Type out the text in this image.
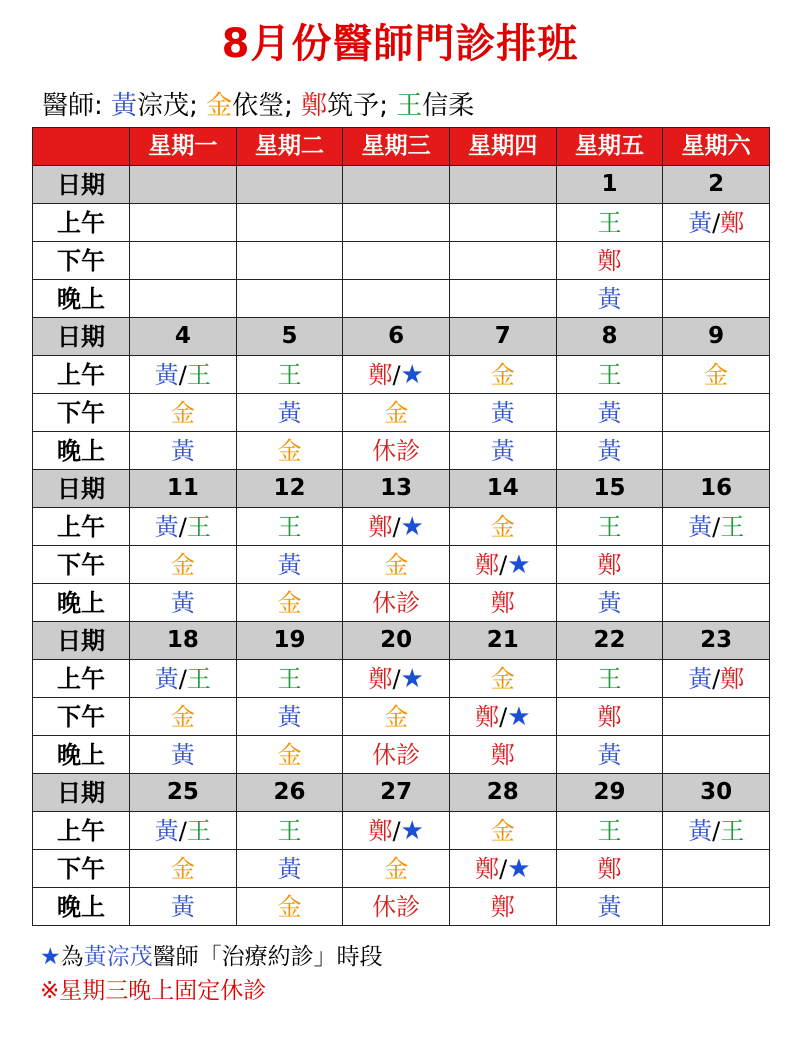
8月份醫師門診排班
醫師: 黃淙茂; 金依瑩; 鄭筑予; 王信柔
	星期一	星期二	星期三	星期四	星期五	星期六
日期					1	2
上午					王	黃/鄭
下午					鄭	
晚上					黃	
日期	4	5	6	7	8	9
上午	黃/王	王	鄭/★	金	王	金
下午	金	黃	金	黃	黃	
晚上	黃	金	休診	黃	黃	
日期	11	12	13	14	15	16
上午	黃/王	王	鄭/★	金	王	黃/王
下午	金	黃	金	鄭/★	鄭	
晚上	黃	金	休診	鄭	黃	
日期	18	19	20	21	22	23
上午	黃/王	王	鄭/★	金	王	黃/鄭
下午	金	黃	金	鄭/★	鄭	
晚上	黃	金	休診	鄭	黃	
日期	25	26	27	28	29	30
上午	黃/王	王	鄭/★	金	王	黃/王
下午	金	黃	金	鄭/★	鄭	
晚上	黃	金	休診	鄭	黃	
★為黃淙茂醫師「治療約診」時段
※星期三晚上固定休診
